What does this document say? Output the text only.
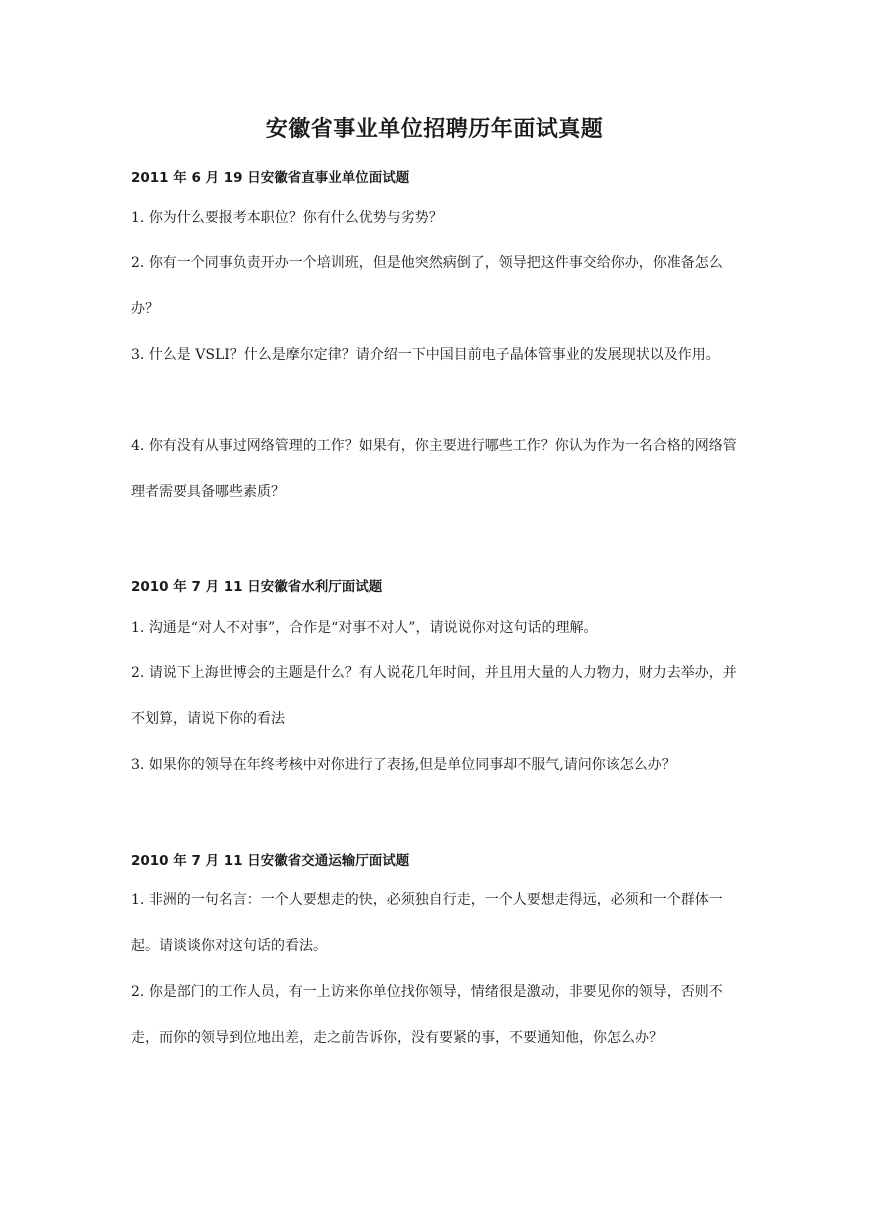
安徽省事业单位招聘历年面试真题
2011 年 6 月 19 日安徽省直事业单位面试题

1. 你为什么要报考本职位？你有什么优势与劣势？

2. 你有一个同事负责开办一个培训班，但是他突然病倒了，领导把这件事交给你办，你准备怎么办？

3. 什么是 VSLI？什么是摩尔定律？请介绍一下中国目前电子晶体管事业的发展现状以及作用。

4. 你有没有从事过网络管理的工作？如果有，你主要进行哪些工作？你认为作为一名合格的网络管理者需要具备哪些素质？

2010 年 7 月 11 日安徽省水利厅面试题

1. 沟通是“对人不对事”，合作是“对事不对人”，请说说你对这句话的理解。

2. 请说下上海世博会的主题是什么？有人说花几年时间，并且用大量的人力物力，财力去举办，并不划算，请说下你的看法

3. 如果你的领导在年终考核中对你进行了表扬,但是单位同事却不服气,请问你该怎么办？

2010 年 7 月 11 日安徽省交通运输厅面试题

1. 非洲的一句名言：一个人要想走的快，必须独自行走，一个人要想走得远，必须和一个群体一起。请谈谈你对这句话的看法。

2. 你是部门的工作人员，有一上访来你单位找你领导，情绪很是激动，非要见你的领导，否则不走，而你的领导到位地出差，走之前告诉你，没有要紧的事，不要通知他，你怎么办？
